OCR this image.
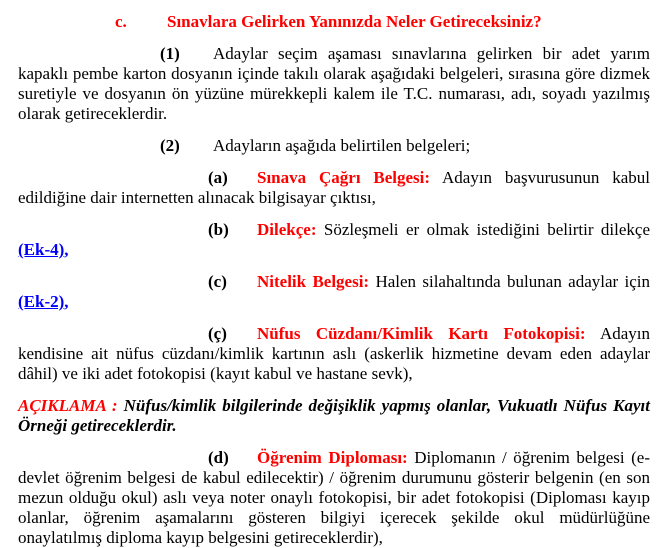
c. Sınavlara Gelirken Yanınızda Neler Getireceksiniz?

(1) Adaylar seçim aşaması sınavlarına gelirken bir adet yarım kapaklı pembe karton dosyanın içinde takılı olarak aşağıdaki belgeleri, sırasına göre dizmek suretiyle ve dosyanın ön yüzüne mürekkepli kalem ile T.C. numarası, adı, soyadı yazılmış olarak getireceklerdir.

(2) Adayların aşağıda belirtilen belgeleri;

(a) Sınava Çağrı Belgesi: Adayın başvurusunun kabul edildiğine dair internetten alınacak bilgisayar çıktısı,

(b) Dilekçe: Sözleşmeli er olmak istediğini belirtir dilekçe
(Ek-4),

(c) Nitelik Belgesi: Halen silahaltında bulunan adaylar için
(Ek-2),

(ç) Nüfus Cüzdanı/Kimlik Kartı Fotokopisi: Adayın kendisine ait nüfus cüzdanı/kimlik kartının aslı (askerlik hizmetine devam eden adaylar dâhil) ve iki adet fotokopisi (kayıt kabul ve hastane sevk),

AÇIKLAMA : Nüfus/kimlik bilgilerinde değişiklik yapmış olanlar, Vukuatlı Nüfus Kayıt Örneği getireceklerdir.

(d) Öğrenim Diploması: Diplomanın / öğrenim belgesi (e-devlet öğrenim belgesi de kabul edilecektir) / öğrenim durumunu gösterir belgenin (en son mezun olduğu okul) aslı veya noter onaylı fotokopisi, bir adet fotokopisi (Diploması kayıp olanlar, öğrenim aşamalarını gösteren bilgiyi içerecek şekilde okul müdürlüğüne onaylatılmış diploma kayıp belgesini getireceklerdir),
